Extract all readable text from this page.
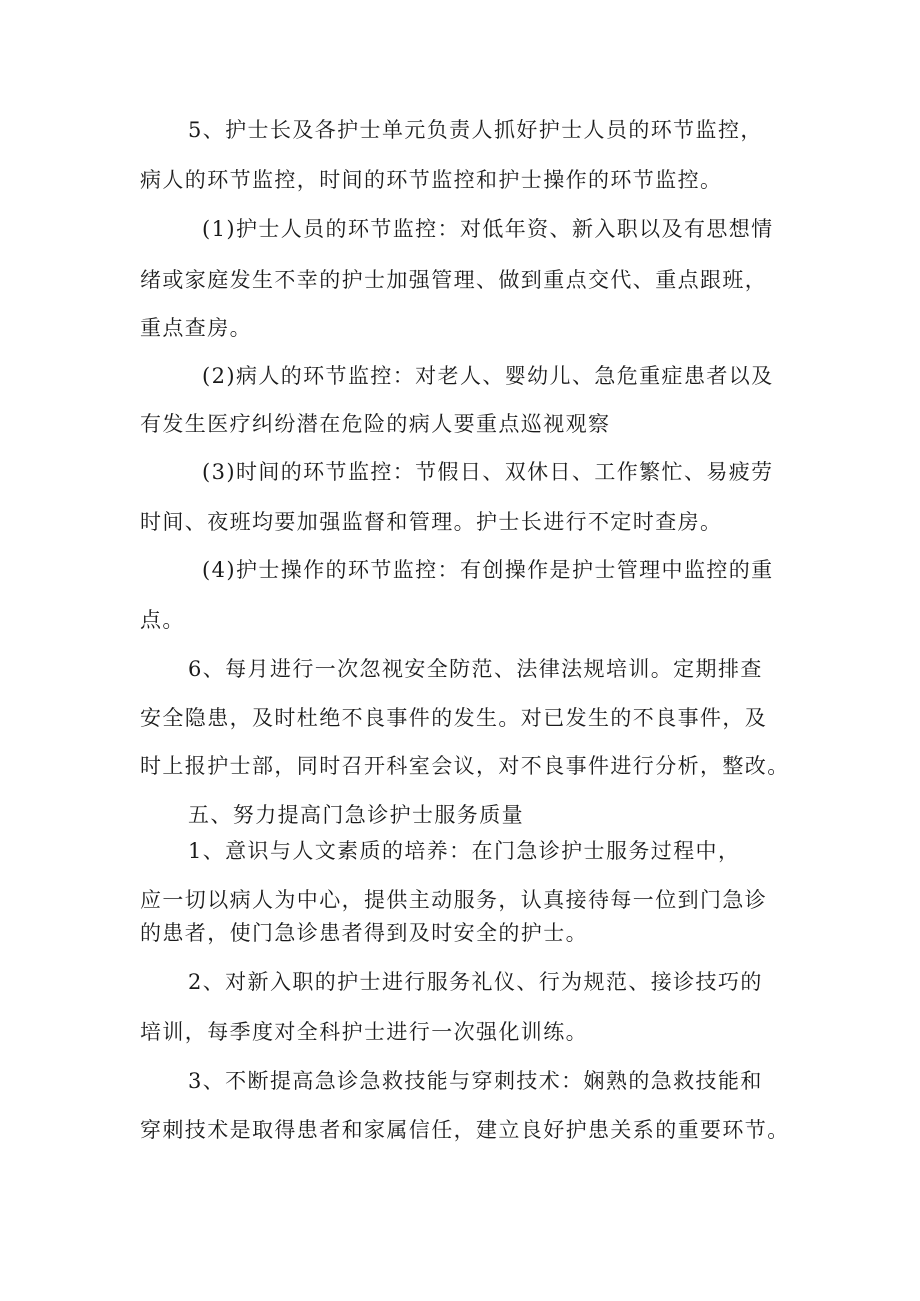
5、护士长及各护士单元负责人抓好护士人员的环节监控，
病人的环节监控，时间的环节监控和护士操作的环节监控。
(1)护士人员的环节监控：对低年资、新入职以及有思想情
绪或家庭发生不幸的护士加强管理、做到重点交代、重点跟班，
重点查房。
(2)病人的环节监控：对老人、婴幼儿、急危重症患者以及
有发生医疗纠纷潜在危险的病人要重点巡视观察
(3)时间的环节监控：节假日、双休日、工作繁忙、易疲劳
时间、夜班均要加强监督和管理。护士长进行不定时查房。
(4)护士操作的环节监控：有创操作是护士管理中监控的重
点。
6、每月进行一次忽视安全防范、法律法规培训。定期排查
安全隐患，及时杜绝不良事件的发生。对已发生的不良事件，及
时上报护士部，同时召开科室会议，对不良事件进行分析，整改。
五、努力提高门急诊护士服务质量
1、意识与人文素质的培养：在门急诊护士服务过程中，
应一切以病人为中心，提供主动服务，认真接待每一位到门急诊
的患者，使门急诊患者得到及时安全的护士。
2、对新入职的护士进行服务礼仪、行为规范、接诊技巧的
培训，每季度对全科护士进行一次强化训练。
3、不断提高急诊急救技能与穿刺技术：娴熟的急救技能和
穿刺技术是取得患者和家属信任，建立良好护患关系的重要环节。
